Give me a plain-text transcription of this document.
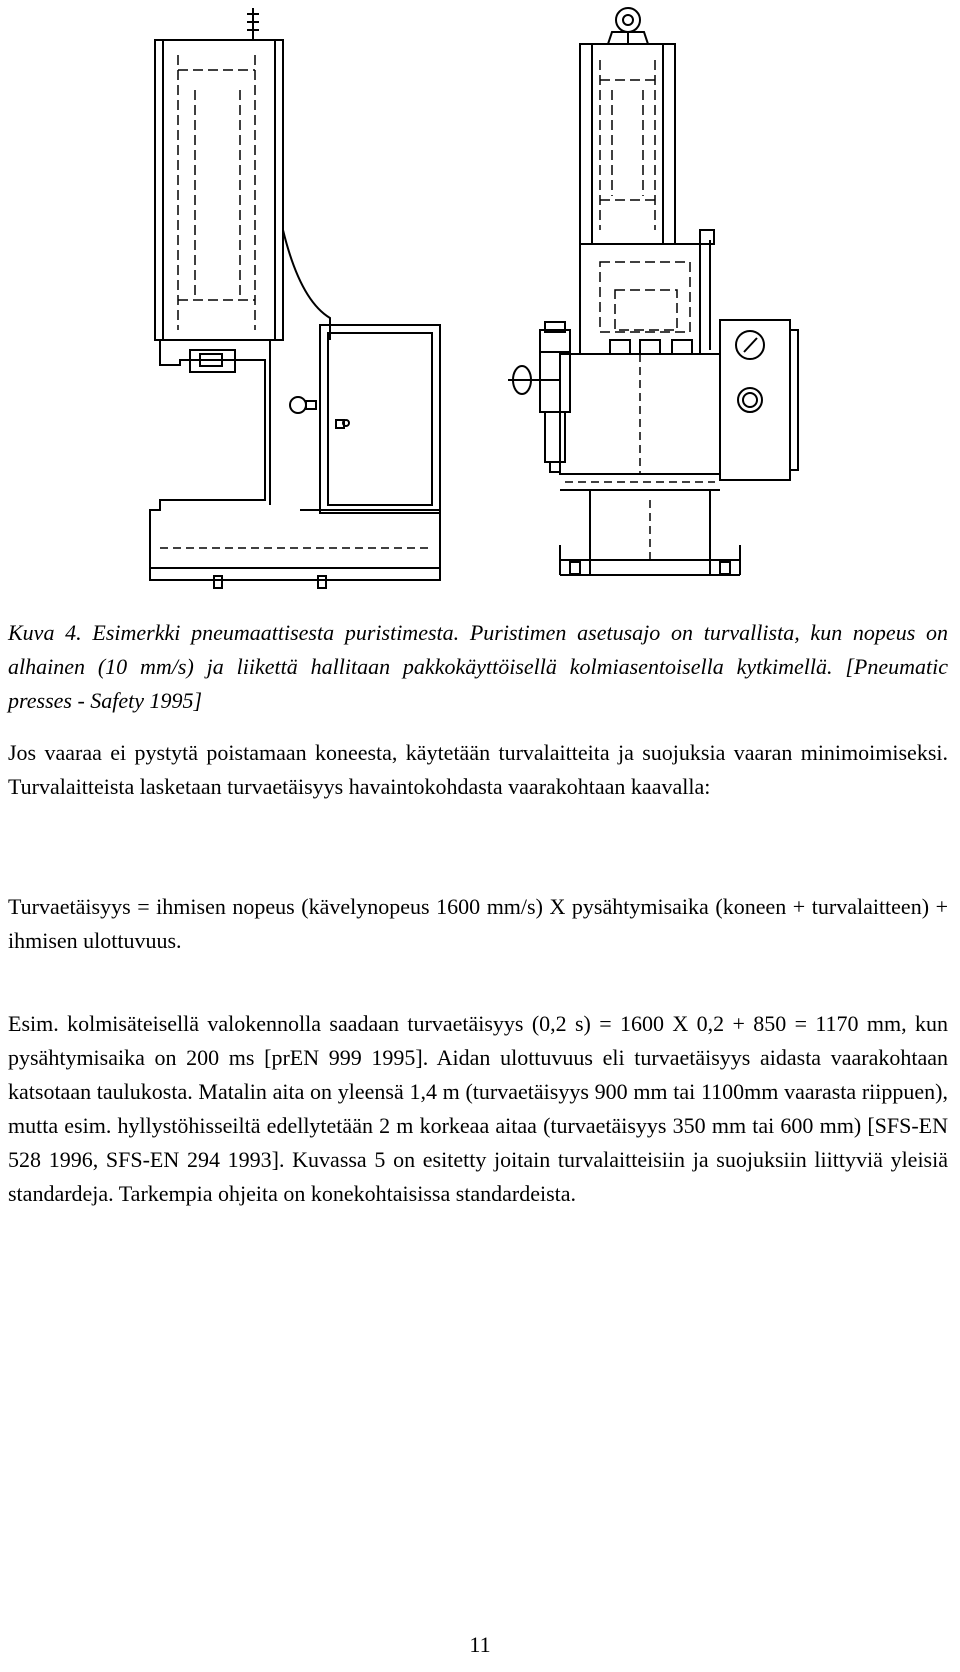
Kuva 4. Esimerkki pneumaattisesta puristimesta. Puristimen asetusajo on turvallista, kun nopeus on alhainen (10 mm/s) ja liikettä hallitaan pakkokäyttöisellä kolmiasentoisella kytkimellä. [Pneumatic presses - Safety 1995]

Jos vaaraa ei pystytä poistamaan koneesta, käytetään turvalaitteita ja suojuksia vaaran minimoimiseksi. Turvalaitteista lasketaan turvaetäisyys havaintokohdasta vaarakohtaan kaavalla:

Turvaetäisyys = ihmisen nopeus (kävelynopeus 1600 mm/s) X pysähtymisaika (koneen + turvalaitteen) + ihmisen ulottuvuus.

Esim. kolmisäteisellä valokennolla saadaan turvaetäisyys (0,2 s) = 1600 X 0,2 + 850 = 1170 mm, kun pysähtymisaika on 200 ms [prEN 999 1995]. Aidan ulottuvuus eli turvaetäisyys aidasta vaarakohtaan katsotaan taulukosta. Matalin aita on yleensä 1,4 m (turvaetäisyys 900 mm tai 1100mm vaarasta riippuen), mutta esim. hyllystöhisseiltä edellytetään 2 m korkeaa aitaa (turvaetäisyys 350 mm tai 600 mm) [SFS-EN 528 1996, SFS-EN 294 1993]. Kuvassa 5 on esitetty joitain turvalaitteisiin ja suojuksiin liittyviä yleisiä standardeja. Tarkempia ohjeita on konekohtaisissa standardeista.

11
